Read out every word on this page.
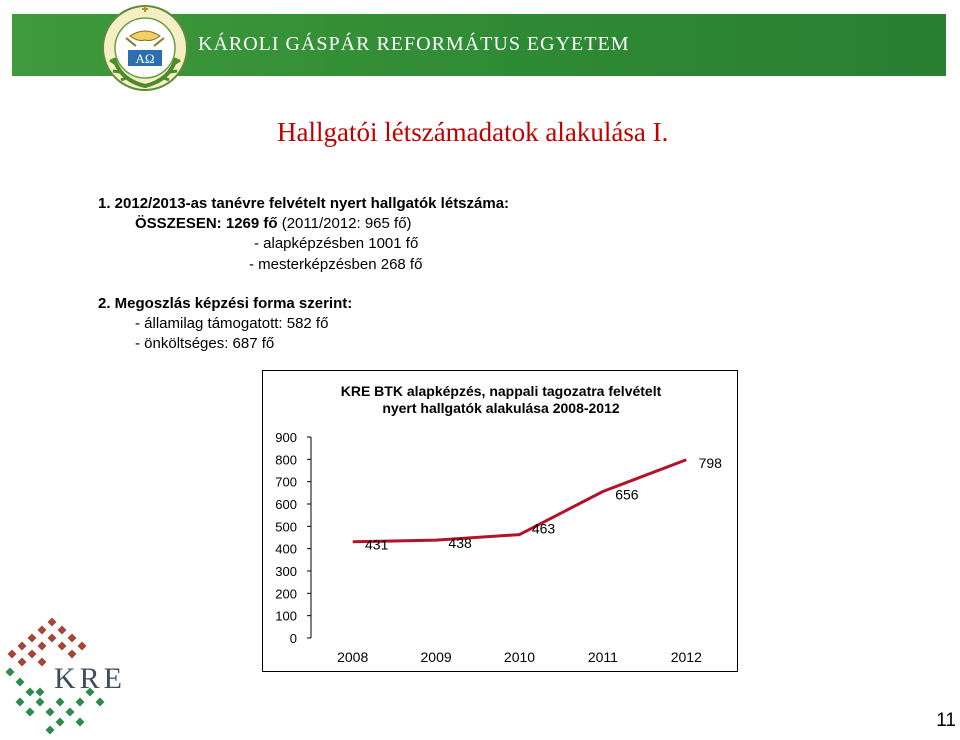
KÁROLI GÁSPÁR REFORMÁTUS EGYETEM
AΩ
Hallgatói létszámadatok alakulása I.
1. 2012/2013-as tanévre felvételt nyert hallgatók létszáma:
ÖSSZESEN: 1269 fő (2011/2012: 965 fő)
- alapképzésben 1001 fő
- mesterképzésben 268 fő
2. Megoszlás képzési forma szerint:
- államilag támogatott: 582 fő
- önköltséges: 687 fő
KRE BTK alapképzés, nappali tagozatra felvételt
nyert hallgatók alakulása 2008-2012
0
100
200
300
400
500
600
700
800
900
2008	2009	2010	2011	2012
431	438
463
656
798
KRE
11
